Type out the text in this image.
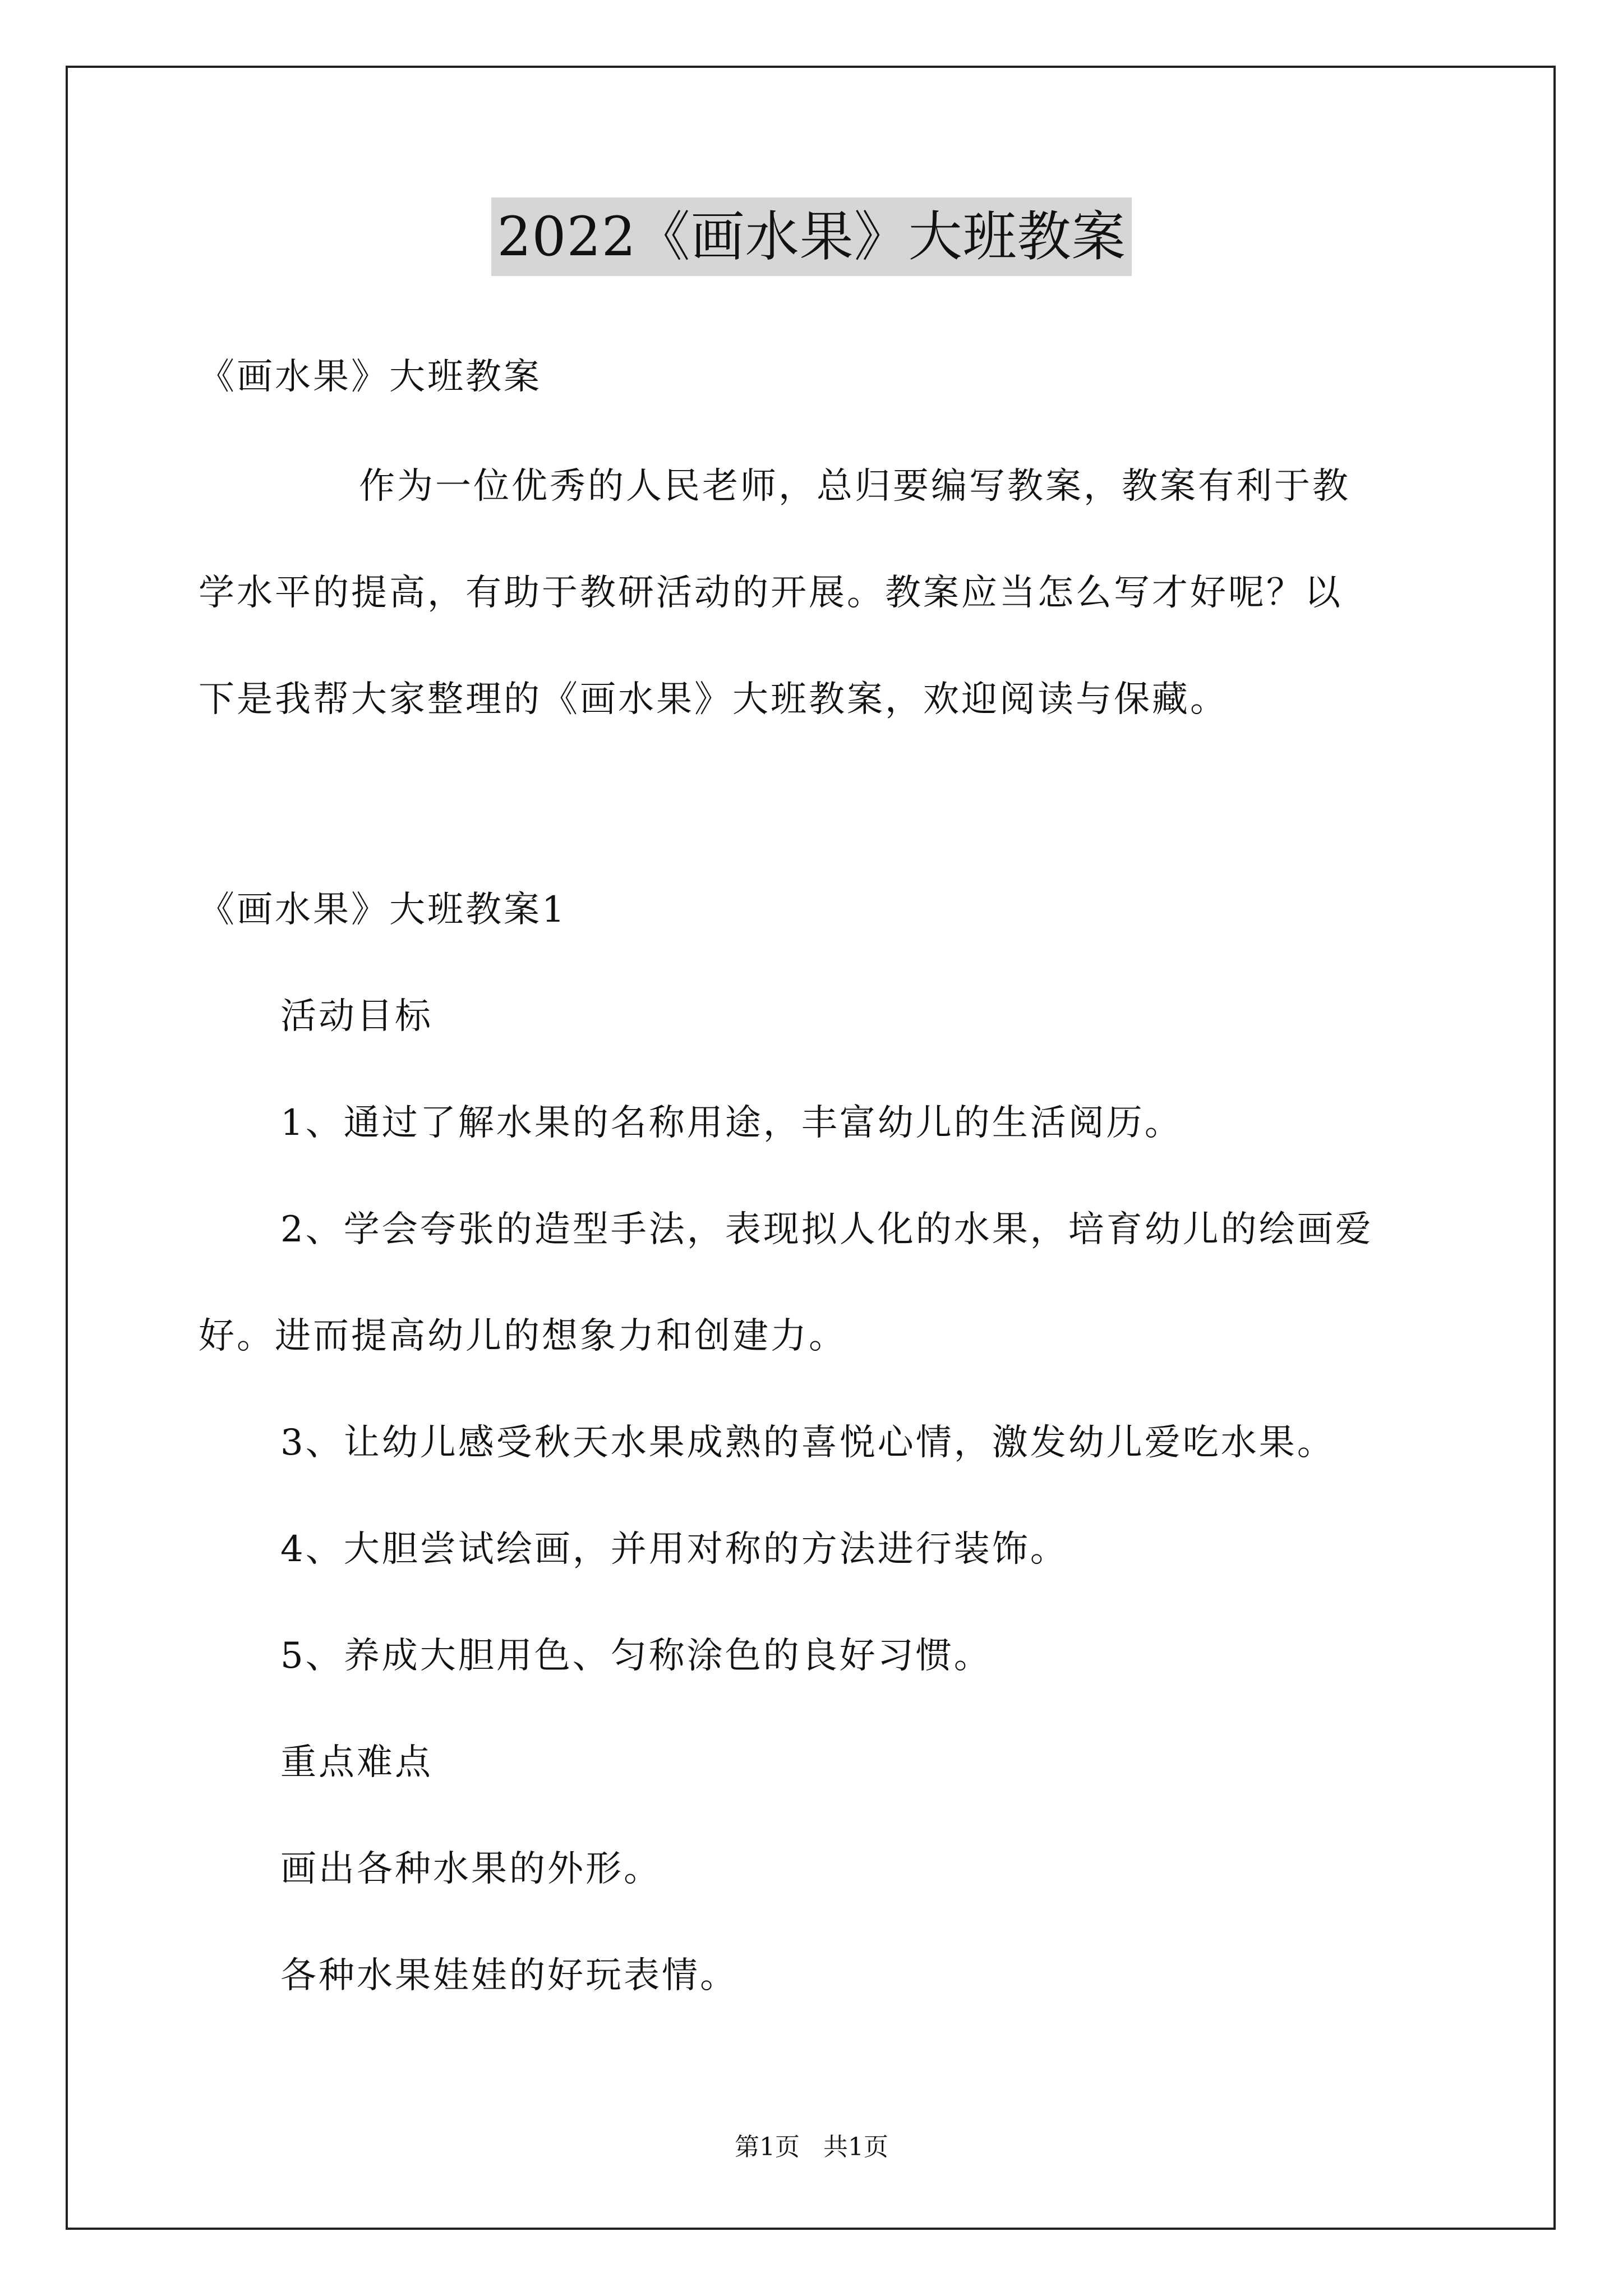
2022《画水果》大班教案
《画水果》大班教案
作为一位优秀的人民老师，总归要编写教案，教案有利于教
学水平的提高，有助于教研活动的开展。教案应当怎么写才好呢？以
下是我帮大家整理的《画水果》大班教案，欢迎阅读与保藏。
《画水果》大班教案1
活动目标
1、通过了解水果的名称用途，丰富幼儿的生活阅历。
2、学会夸张的造型手法，表现拟人化的水果，培育幼儿的绘画爱
好。进而提高幼儿的想象力和创建力。
3、让幼儿感受秋天水果成熟的喜悦心情，激发幼儿爱吃水果。
4、大胆尝试绘画，并用对称的方法进行装饰。
5、养成大胆用色、匀称涂色的良好习惯。
重点难点
画出各种水果的外形。
各种水果娃娃的好玩表情。
第1页 共1页
